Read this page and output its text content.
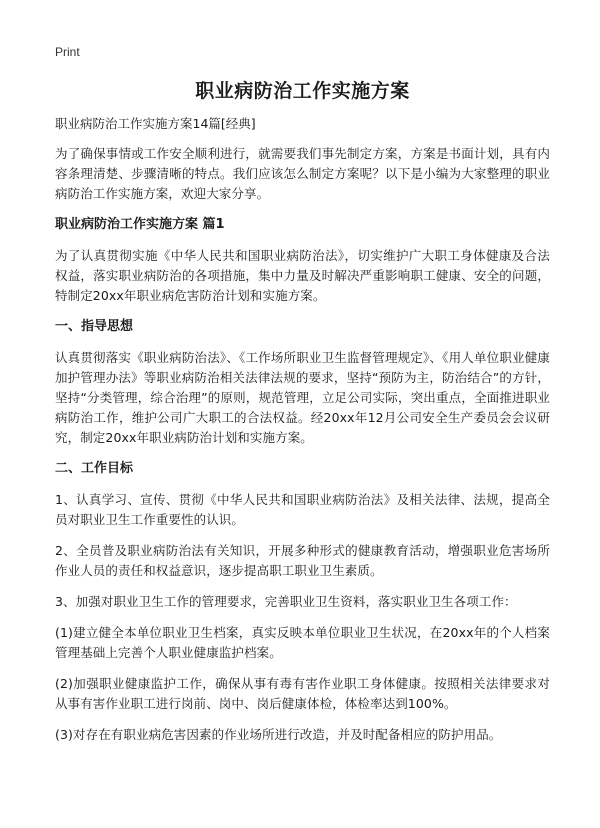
Print
职业病防治工作实施方案
职业病防治工作实施方案14篇[经典]

为了确保事情或工作安全顺利进行，就需要我们事先制定方案，方案是书面计划，具有内容条理清楚、步骤清晰的特点。我们应该怎么制定方案呢？以下是小编为大家整理的职业病防治工作实施方案，欢迎大家分享。

职业病防治工作实施方案 篇1

为了认真贯彻实施《中华人民共和国职业病防治法》，切实维护广大职工身体健康及合法权益，落实职业病防治的各项措施，集中力量及时解决严重影响职工健康、安全的问题，特制定20xx年职业病危害防治计划和实施方案。

一、指导思想

认真贯彻落实《职业病防治法》、《工作场所职业卫生监督管理规定》、《用人单位职业健康加护管理办法》等职业病防治相关法律法规的要求，坚持“预防为主，防治结合”的方针，坚持“分类管理，综合治理”的原则，规范管理，立足公司实际，突出重点，全面推进职业病防治工作，维护公司广大职工的合法权益。经20xx年12月公司安全生产委员会会议研究，制定20xx年职业病防治计划和实施方案。

二、工作目标

1、认真学习、宣传、贯彻《中华人民共和国职业病防治法》及相关法律、法规，提高全员对职业卫生工作重要性的认识。

2、全员普及职业病防治法有关知识，开展多种形式的健康教育活动，增强职业危害场所作业人员的责任和权益意识，逐步提高职工职业卫生素质。

3、加强对职业卫生工作的管理要求，完善职业卫生资料，落实职业卫生各项工作：

(1)建立健全本单位职业卫生档案，真实反映本单位职业卫生状况，在20xx年的个人档案管理基础上完善个人职业健康监护档案。

(2)加强职业健康监护工作，确保从事有毒有害作业职工身体健康。按照相关法律要求对从事有害作业职工进行岗前、岗中、岗后健康体检，体检率达到100%。

(3)对存在有职业病危害因素的作业场所进行改造，并及时配备相应的防护用品。
